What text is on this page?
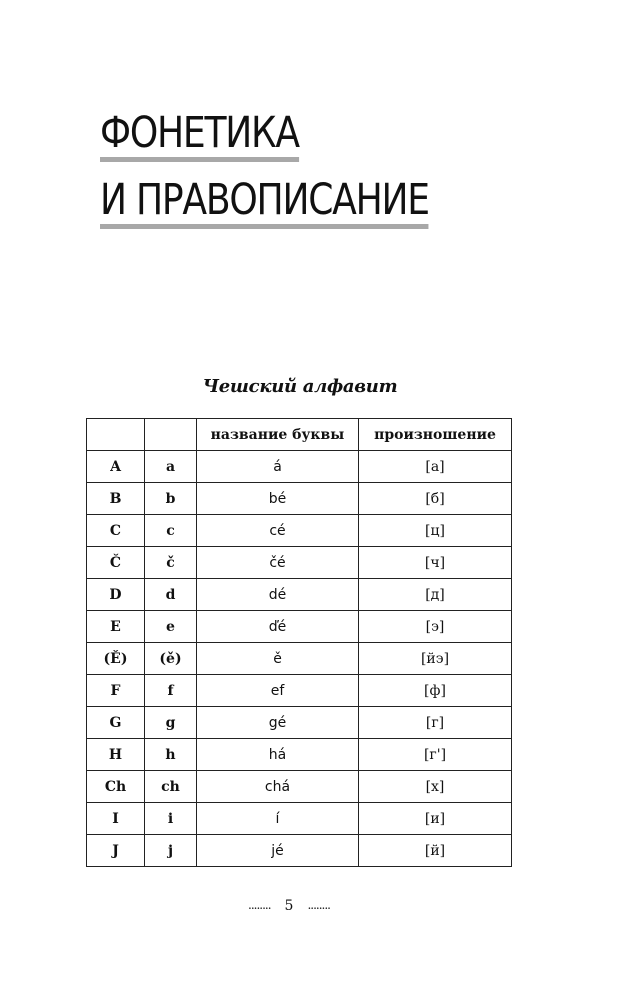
ФОНЕТИКА
И ПРАВОПИСАНИЕ

Чешский алфавит

		название буквы	произношение
A	a	á	[а]
B	b	bé	[б]
C	c	cé	[ц]
Č	č	čé	[ч]
D	d	dé	[д]
E	e	ďé	[э]
(Ě)	(ě)	ě	[йэ]
F	f	ef	[ф]
G	g	gé	[г]
H	h	há	[г']
Ch	ch	chá	[х]
I	i	í	[и]
J	j	jé	[й]
........ 5 ........
